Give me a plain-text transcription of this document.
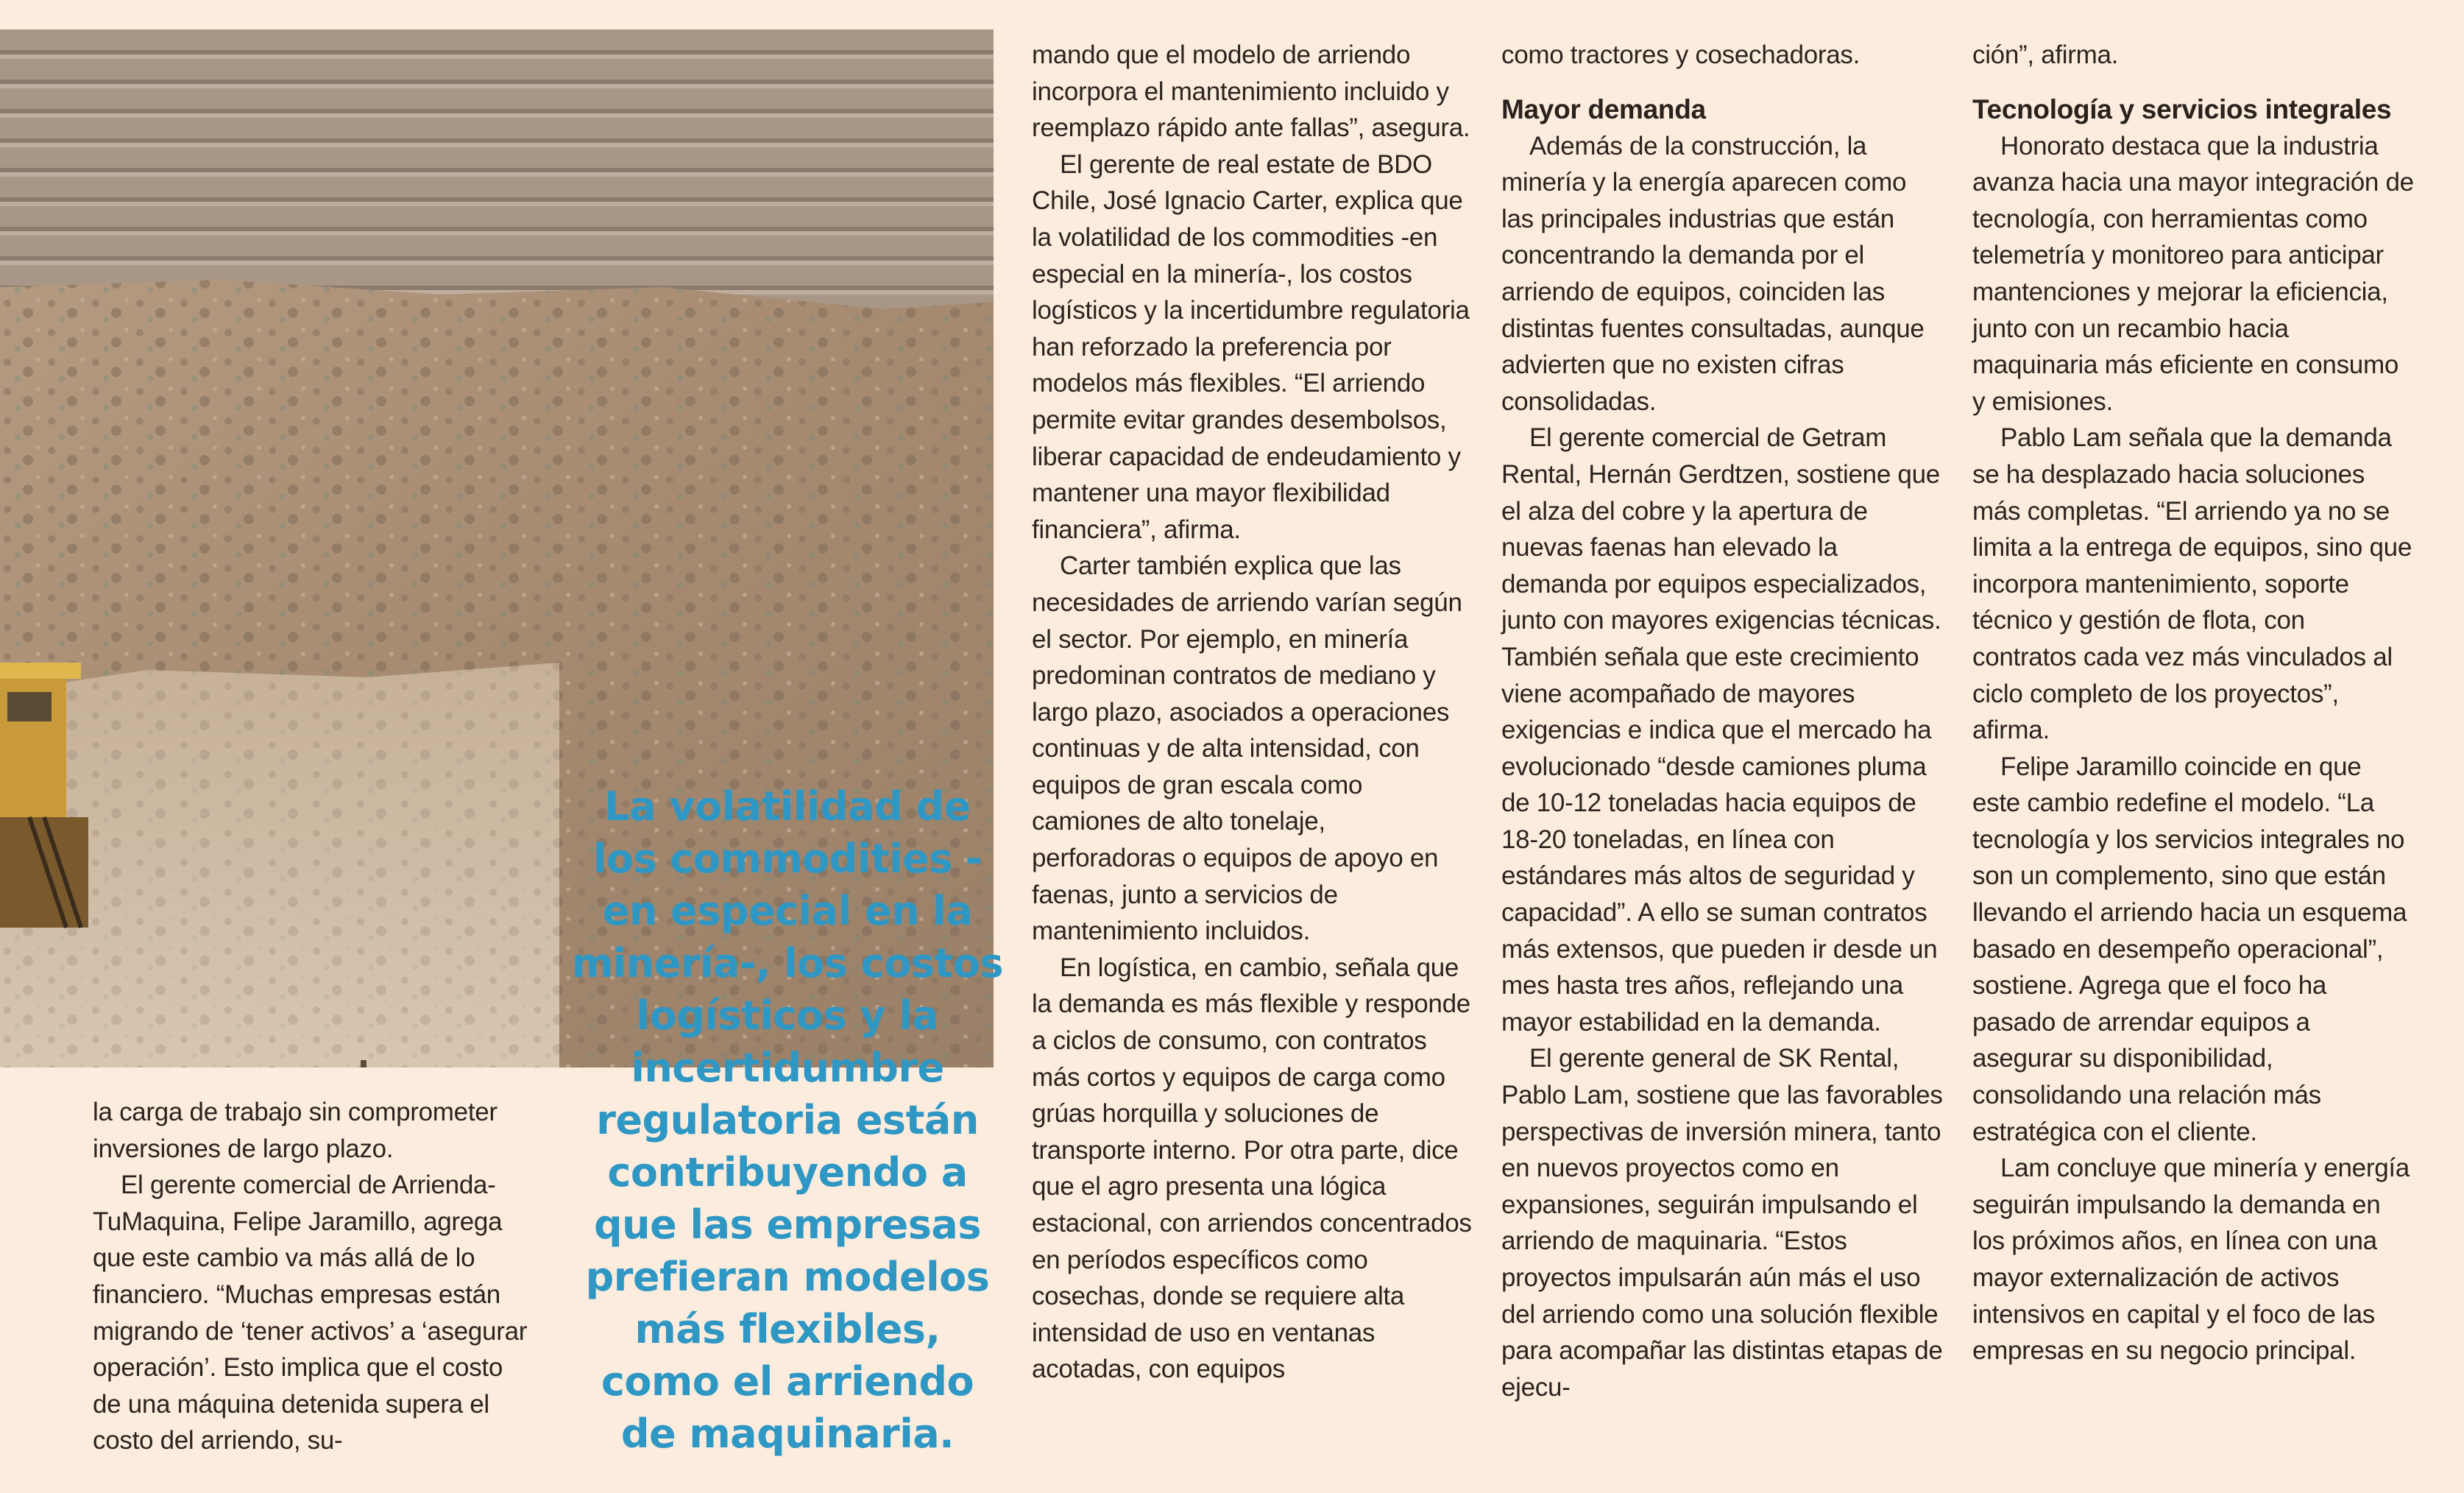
La volatilidad de los commodities -en especial en la minería-, los costos logísticos y la incertidumbre regulatoria están contribuyendo a que las empresas prefieran modelos más flexibles, como el arriendo de maquinaria.

la carga de trabajo sin comprometer inversiones de largo plazo.

El gerente comercial de Arrienda-TuMaquina, Felipe Jaramillo, agrega que este cambio va más allá de lo financiero. “Muchas empresas están migrando de ‘tener activos’ a ‘asegurar operación’. Esto implica que el costo de una máquina detenida supera el costo del arriendo, su-

mando que el modelo de arriendo incorpora el mantenimiento incluido y reemplazo rápido ante fallas”, asegura.

El gerente de real estate de BDO Chile, José Ignacio Carter, explica que la volatilidad de los commodities -en especial en la minería-, los costos logísticos y la incertidumbre regulatoria han reforzado la preferencia por modelos más flexibles. “El arriendo permite evitar grandes desembolsos, liberar capacidad de endeudamiento y mantener una mayor flexibilidad financiera”, afirma.

Carter también explica que las necesidades de arriendo varían según el sector. Por ejemplo, en minería predominan contratos de mediano y largo plazo, asociados a operaciones continuas y de alta intensidad, con equipos de gran escala como camiones de alto tonelaje, perforadoras o equipos de apoyo en faenas, junto a servicios de mantenimiento incluidos.

En logística, en cambio, señala que la demanda es más flexible y responde a ciclos de consumo, con contratos más cortos y equipos de carga como grúas horquilla y soluciones de transporte interno. Por otra parte, dice que el agro presenta una lógica estacional, con arriendos concentrados en períodos específicos como cosechas, donde se requiere alta intensidad de uso en ventanas acotadas, con equipos

como tractores y cosechadoras.

Mayor demanda

Además de la construcción, la minería y la energía aparecen como las principales industrias que están concentrando la demanda por el arriendo de equipos, coinciden las distintas fuentes consultadas, aunque advierten que no existen cifras consolidadas.

El gerente comercial de Getram Rental, Hernán Gerdtzen, sostiene que el alza del cobre y la apertura de nuevas faenas han elevado la demanda por equipos especializados, junto con mayores exigencias técnicas. También señala que este crecimiento viene acompañado de mayores exigencias e indica que el mercado ha evolucionado “desde camiones pluma de 10-12 toneladas hacia equipos de 18-20 toneladas, en línea con estándares más altos de seguridad y capacidad”. A ello se suman contratos más extensos, que pueden ir desde un mes hasta tres años, reflejando una mayor estabilidad en la demanda.

El gerente general de SK Rental, Pablo Lam, sostiene que las favorables perspectivas de inversión minera, tanto en nuevos proyectos como en expansiones, seguirán impulsando el arriendo de maquinaria. “Estos proyectos impulsarán aún más el uso del arriendo como una solución flexible para acompañar las distintas etapas de ejecu-

ción”, afirma.

Tecnología y servicios integrales

Honorato destaca que la industria avanza hacia una mayor integración de tecnología, con herramientas como telemetría y monitoreo para anticipar mantenciones y mejorar la eficiencia, junto con un recambio hacia maquinaria más eficiente en consumo y emisiones.

Pablo Lam señala que la demanda se ha desplazado hacia soluciones más completas. “El arriendo ya no se limita a la entrega de equipos, sino que incorpora mantenimiento, soporte técnico y gestión de flota, con contratos cada vez más vinculados al ciclo completo de los proyectos”, afirma.

Felipe Jaramillo coincide en que este cambio redefine el modelo. “La tecnología y los servicios integrales no son un complemento, sino que están llevando el arriendo hacia un esquema basado en desempeño operacional”, sostiene. Agrega que el foco ha pasado de arrendar equipos a asegurar su disponibilidad, consolidando una relación más estratégica con el cliente.

Lam concluye que minería y energía seguirán impulsando la demanda en los próximos años, en línea con una mayor externalización de activos intensivos en capital y el foco de las empresas en su negocio principal.
